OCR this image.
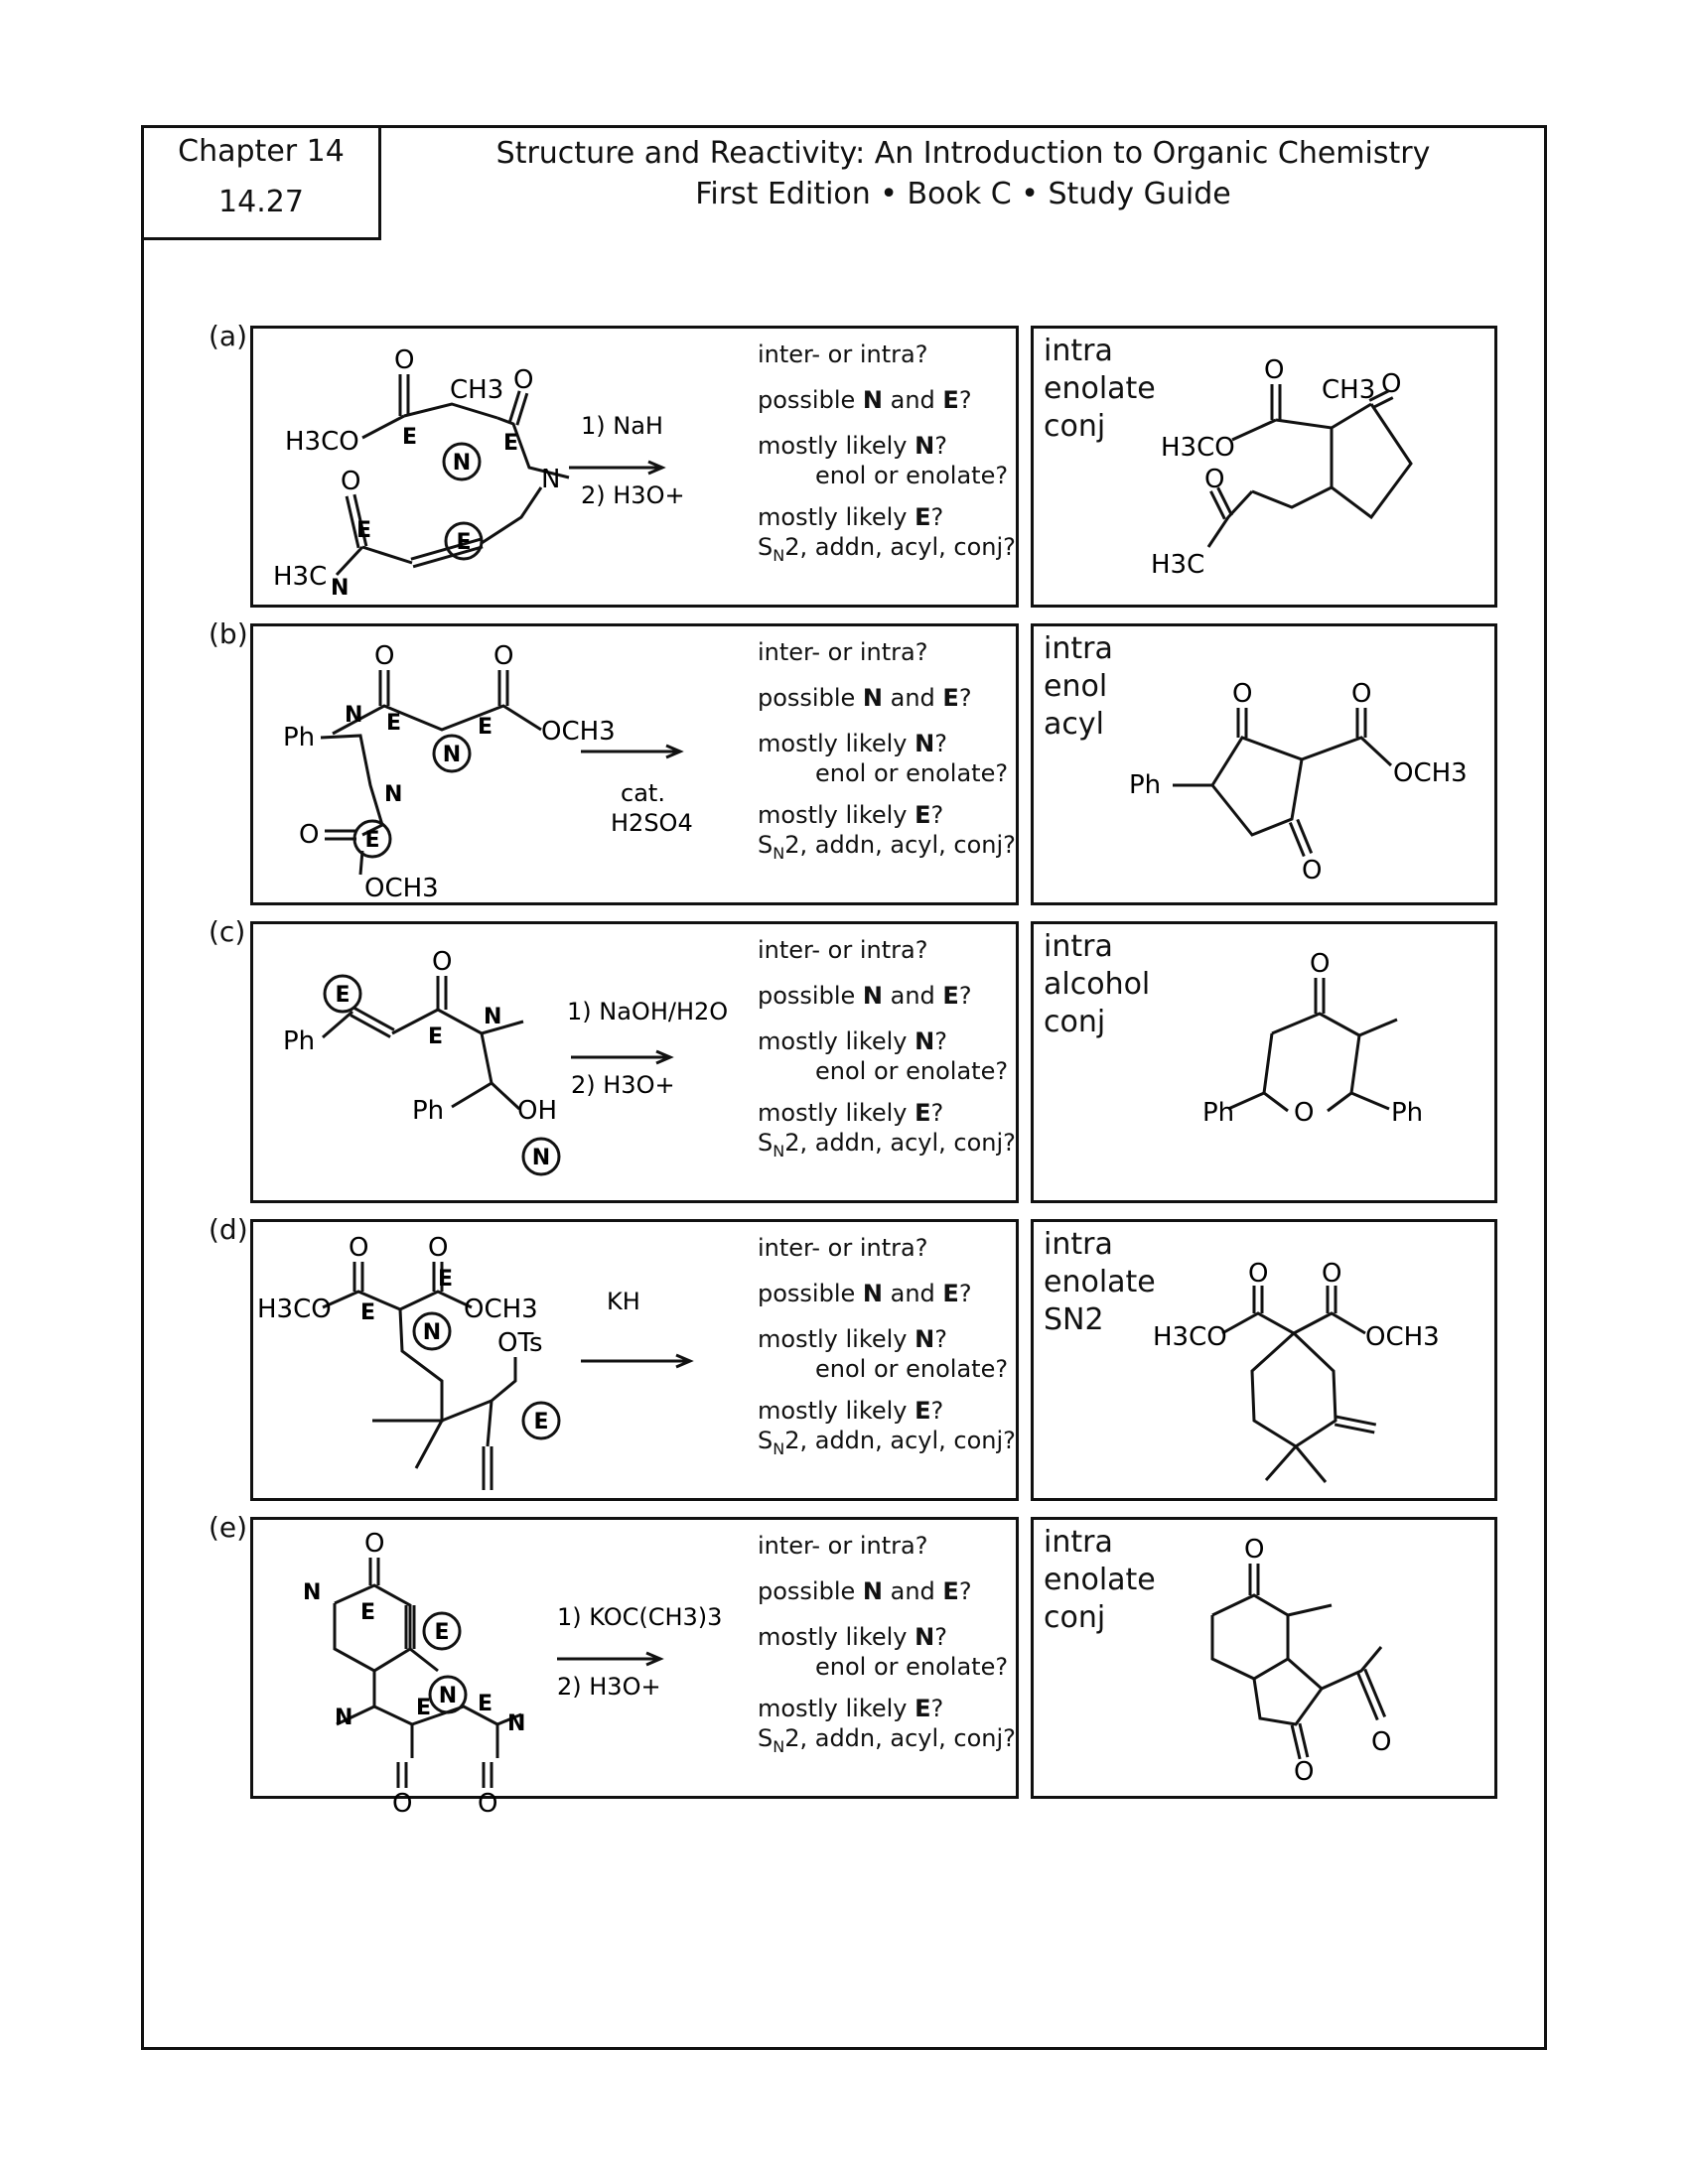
Chapter 14
14.27
Structure and Reactivity: An Introduction to Organic Chemistry
First Edition • Book C • Study Guide
(a)
inter- or intra?
possible N and E?
mostly likely N?
enol or enolate?
mostly likely E?
$S_N2$, addn, acyl, conj?
O
CH3 O
H3CO
N
O
H3C N
N
E
E	E
E
1) NaH
2) H3O+
intra
enolate
conj
O
CH3 O
H3CO
O
H3C
(b)
inter- or intra?
possible N and E?
mostly likely N?
enol or enolate?
mostly likely E?
$S_N2$, addn, acyl, conj?
O	O
OCH3
Ph
N
N E	E
N
O E
OCH3
cat.
H2SO4
intra
enol
acyl
O	O
OCH3
Ph
O
(c)
inter- or intra?
possible N and E?
mostly likely N?
enol or enolate?
mostly likely E?
$S_N2$, addn, acyl, conj?
E
Ph
O
N
E
Ph	OH
N
1) NaOH/H2O
2) H3O+
intra
alcohol
conj
O
O
Ph	Ph
(d)
inter- or intra?
possible N and E?
mostly likely N?
enol or enolate?
mostly likely E?
$S_N2$, addn, acyl, conj?
O O
H3CO	OCH3
E
E
N OTs
E
KH
intra
enolate
SN2
O O
H3CO	OCH3
(e)
inter- or intra?
possible N and E?
mostly likely N?
enol or enolate?
mostly likely E?
$S_N2$, addn, acyl, conj?
O
N
E
E
N
N
O	O
N
E E
1) KOC(CH3)3
2) H3O+
intra
enolate
conj
O
O
O
